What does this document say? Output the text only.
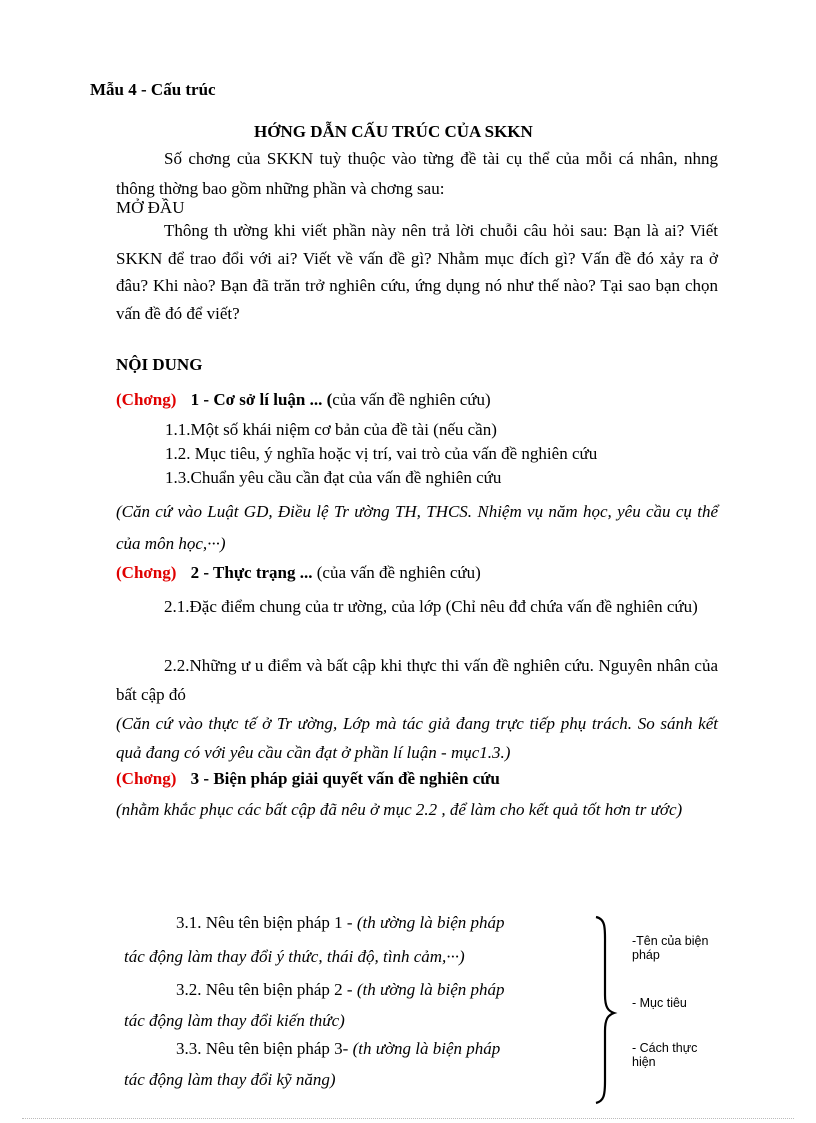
Mẫu 4 - Cấu trúc
HỚNG DẪN CẤU TRÚC CỦA SKKN
Số chơng của SKKN tuỳ thuộc vào từng đề tài cụ thể của mỗi cá nhân, nhng thông thờng bao gồm những phần và chơng sau:
MỞ ĐẦU
Thông th ường khi viết phần này nên trả lời chuỗi câu hỏi sau: Bạn là ai? Viết SKKN để trao đổi với ai? Viết về vấn đề gì? Nhằm mục đích gì? Vấn đề đó xảy ra ở đâu? Khi nào? Bạn đã trăn trở nghiên cứu, ứng dụng nó như thế nào? Tại sao bạn chọn vấn đề đó để viết?
NỘI DUNG
(Chơng) 1 - Cơ sở lí luận ... (của vấn đề nghiên cứu)
1.1.Một số khái niệm cơ bản của đề tài (nếu cần)
1.2. Mục tiêu, ý nghĩa hoặc vị trí, vai trò của vấn đề nghiên cứu
1.3.Chuẩn yêu cầu cần đạt của vấn đề nghiên cứu
(Căn cứ vào Luật GD, Điều lệ Tr ường TH, THCS. Nhiệm vụ năm học, yêu cầu cụ thể của môn học,···)
(Chơng) 2 - Thực trạng ... (của vấn đề nghiên cứu)
2.1.Đặc điểm chung của tr ường, của lớp (Chỉ nêu đđ chứa vấn đề nghiên cứu)
2.2.Những ư u điểm và bất cập khi thực thi vấn đề nghiên cứu. Nguyên nhân của bất cập đó
(Căn cứ vào thực tế ở Tr ường, Lớp mà tác giả đang trực tiếp phụ trách. So sánh kết quả đang có với yêu cầu cần đạt ở phần lí luận - mục1.3.)
(Chơng) 3 - Biện pháp giải quyết vấn đề nghiên cứu
(nhằm khắc phục các bất cập đã nêu ở mục 2.2 , để làm cho kết quả tốt hơn tr ước)
3.1. Nêu tên biện pháp 1 - (th ường là biện pháp
tác động làm thay đổi ý thức, thái độ, tình cảm,···)
3.2. Nêu tên biện pháp 2 - (th ường là biện pháp
tác động làm thay đổi kiến thức)
3.3. Nêu tên biện pháp 3- (th ường là biện pháp
tác động làm thay đổi kỹ năng)
-Tên của biện pháp
- Mục tiêu
- Cách thực hiện
